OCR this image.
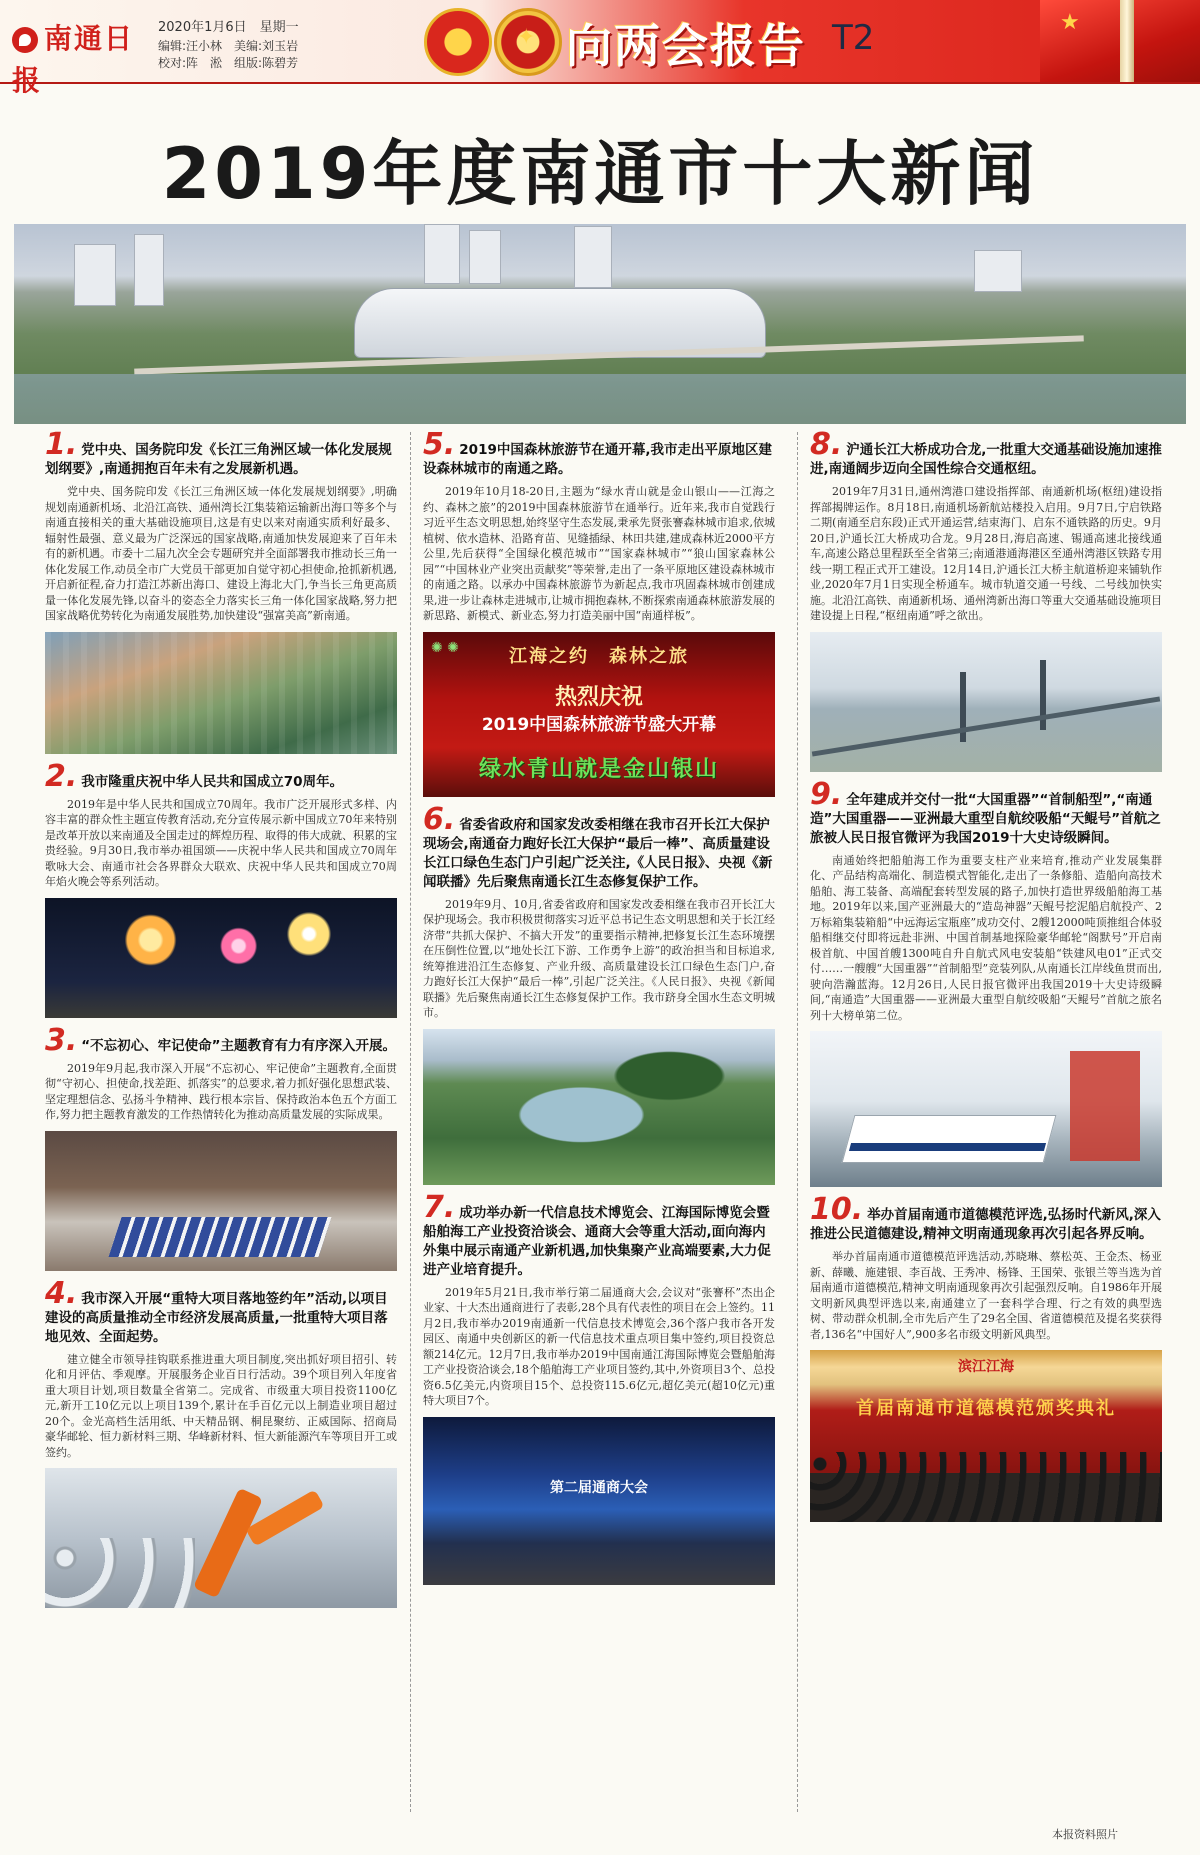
南通日报
2020年1月6日　星期一
编辑:汪小林　美编:刘玉岩
校对:阵　淞　组版:陈碧芳
★ ✦ 向两会报告 T2	★
2019年度南通市十大新闻

1. 党中央、国务院印发《长江三角洲区域一体化发展规划纲要》,南通拥抱百年未有之发展新机遇。

党中央、国务院印发《长江三角洲区域一体化发展规划纲要》,明确规划南通新机场、北沿江高铁、通州湾长江集装箱运输新出海口等多个与南通直接相关的重大基础设施项目,这是有史以来对南通实质利好最多、辐射性最强、意义最为广泛深远的国家战略,南通加快发展迎来了百年未有的新机遇。市委十二届九次全会专题研究并全面部署我市推动长三角一体化发展工作,动员全市广大党员干部更加自觉守初心担使命,抢抓新机遇,开启新征程,奋力打造江苏新出海口、建设上海北大门,争当长三角更高质量一体化发展先锋,以奋斗的姿态全力落实长三角一体化国家战略,努力把国家战略优势转化为南通发展胜势,加快建设“强富美高”新南通。

2. 我市隆重庆祝中华人民共和国成立70周年。

2019年是中华人民共和国成立70周年。我市广泛开展形式多样、内容丰富的群众性主题宣传教育活动,充分宣传展示新中国成立70年来特别是改革开放以来南通及全国走过的辉煌历程、取得的伟大成就、积累的宝贵经验。9月30日,我市举办祖国颂——庆祝中华人民共和国成立70周年歌咏大会、南通市社会各界群众大联欢、庆祝中华人民共和国成立70周年焰火晚会等系列活动。

3. “不忘初心、牢记使命”主题教育有力有序深入开展。

2019年9月起,我市深入开展“不忘初心、牢记使命”主题教育,全面贯彻“守初心、担使命,找差距、抓落实”的总要求,着力抓好强化思想武装、坚定理想信念、弘扬斗争精神、践行根本宗旨、保持政治本色五个方面工作,努力把主题教育激发的工作热情转化为推动高质量发展的实际成果。

4. 我市深入开展“重特大项目落地签约年”活动,以项目建设的高质量推动全市经济发展高质量,一批重特大项目落地见效、全面起势。

建立健全市领导挂钩联系推进重大项目制度,突出抓好项目招引、转化和月评估、季观摩。开展服务企业百日行活动。39个项目列入年度省重大项目计划,项目数量全省第二。完成省、市级重大项目投资1100亿元,新开工10亿元以上项目139个,累计在手百亿元以上制造业项目超过20个。金光高档生活用纸、中天精品钢、桐昆聚纺、正威国际、招商局豪华邮轮、恒力新材料三期、华峰新材料、恒大新能源汽车等项目开工或签约。

5. 2019中国森林旅游节在通开幕,我市走出平原地区建设森林城市的南通之路。

2019年10月18-20日,主题为“绿水青山就是金山银山——江海之约、森林之旅”的2019中国森林旅游节在通举行。近年来,我市自觉践行习近平生态文明思想,始终坚守生态发展,秉承先贤张謇森林城市追求,依城植树、依水造林、沿路育苗、见缝插绿、林田共建,建成森林近2000平方公里,先后获得“全国绿化模范城市”“国家森林城市”“狼山国家森林公园”“中国林业产业突出贡献奖”等荣誉,走出了一条平原地区建设森林城市的南通之路。以承办中国森林旅游节为新起点,我市巩固森林城市创建成果,进一步让森林走进城市,让城市拥抱森林,不断探索南通森林旅游发展的新思路、新模式、新业态,努力打造美丽中国“南通样板”。

✺ ✺	江海之约　森林之旅
热烈庆祝
2019中国森林旅游节盛大开幕
绿水青山就是金山银山

6. 省委省政府和国家发改委相继在我市召开长江大保护现场会,南通奋力跑好长江大保护“最后一棒”、高质量建设长江口绿色生态门户引起广泛关注,《人民日报》、央视《新闻联播》先后聚焦南通长江生态修复保护工作。

2019年9月、10月,省委省政府和国家发改委相继在我市召开长江大保护现场会。我市积极贯彻落实习近平总书记生态文明思想和关于长江经济带“共抓大保护、不搞大开发”的重要指示精神,把修复长江生态环境摆在压倒性位置,以“地处长江下游、工作勇争上游”的政治担当和目标追求,统筹推进沿江生态修复、产业升级、高质量建设长江口绿色生态门户,奋力跑好长江大保护“最后一棒”,引起广泛关注。《人民日报》、央视《新闻联播》先后聚焦南通长江生态修复保护工作。我市跻身全国水生态文明城市。

7. 成功举办新一代信息技术博览会、江海国际博览会暨船舶海工产业投资洽谈会、通商大会等重大活动,面向海内外集中展示南通产业新机遇,加快集聚产业高端要素,大力促进产业培育提升。

2019年5月21日,我市举行第二届通商大会,会议对“张謇杯”杰出企业家、十大杰出通商进行了表彰,28个具有代表性的项目在会上签约。11月2日,我市举办2019南通新一代信息技术博览会,36个落户我市各开发园区、南通中央创新区的新一代信息技术重点项目集中签约,项目投资总额214亿元。12月7日,我市举办2019中国南通江海国际博览会暨船舶海工产业投资洽谈会,18个船舶海工产业项目签约,其中,外资项目3个、总投资6.5亿美元,内资项目15个、总投资115.6亿元,超亿美元(超10亿元)重特大项目7个。

第二届通商大会

8. 沪通长江大桥成功合龙,一批重大交通基础设施加速推进,南通阔步迈向全国性综合交通枢纽。

2019年7月31日,通州湾港口建设指挥部、南通新机场(枢纽)建设指挥部揭牌运作。8月18日,南通机场新航站楼投入启用。9月7日,宁启铁路二期(南通至启东段)正式开通运营,结束海门、启东不通铁路的历史。9月20日,沪通长江大桥成功合龙。9月28日,海启高速、锡通高速北接线通车,高速公路总里程跃至全省第三;南通港通海港区至通州湾港区铁路专用线一期工程正式开工建设。12月14日,沪通长江大桥主航道桥迎来铺轨作业,2020年7月1日实现全桥通车。城市轨道交通一号线、二号线加快实施。北沿江高铁、南通新机场、通州湾新出海口等重大交通基础设施项目建设提上日程,“枢纽南通”呼之欲出。

9. 全年建成并交付一批“大国重器”“首制船型”,“南通造”大国重器——亚洲最大重型自航绞吸船“天鲲号”首航之旅被人民日报官微评为我国2019十大史诗级瞬间。

南通始终把船舶海工作为重要支柱产业来培育,推动产业发展集群化、产品结构高端化、制造模式智能化,走出了一条修船、造船向高技术船舶、海工装备、高端配套转型发展的路子,加快打造世界级船舶海工基地。2019年以来,国产亚洲最大的“造岛神器”天鲲号挖泥船启航投产、2万标箱集装箱船“中远海运宝瓶座”成功交付、2艘12000吨顶推组合体驳船相继交付即将远赴非洲、中国首制基地探险豪华邮轮“阁默号”开启南极首航、中国首艘1300吨自升自航式风电安装船“铁建风电01”正式交付……一艘艘“大国重器”“首制船型”竞装列队,从南通长江岸线鱼贯而出,驶向浩瀚蓝海。12月26日,人民日报官微评出我国2019十大史诗级瞬间,“南通造”大国重器——亚洲最大重型自航绞吸船“天鲲号”首航之旅名列十大榜单第二位。

10. 举办首届南通市道德模范评选,弘扬时代新风,深入推进公民道德建设,精神文明南通现象再次引起各界反响。

举办首届南通市道德模范评选活动,苏晓琳、蔡松英、王金杰、杨亚新、薛曦、施建银、李百战、王秀冲、杨锋、王国荣、张银兰等当选为首届南通市道德模范,精神文明南通现象再次引起强烈反响。自1986年开展文明新风典型评选以来,南通建立了一套科学合理、行之有效的典型选树、带动群众机制,全市先后产生了29名全国、省道德模范及提名奖获得者,136名“中国好人”,900多名市级文明新风典型。

滨江江海
首届南通市道德模范颁奖典礼
本报资料照片
